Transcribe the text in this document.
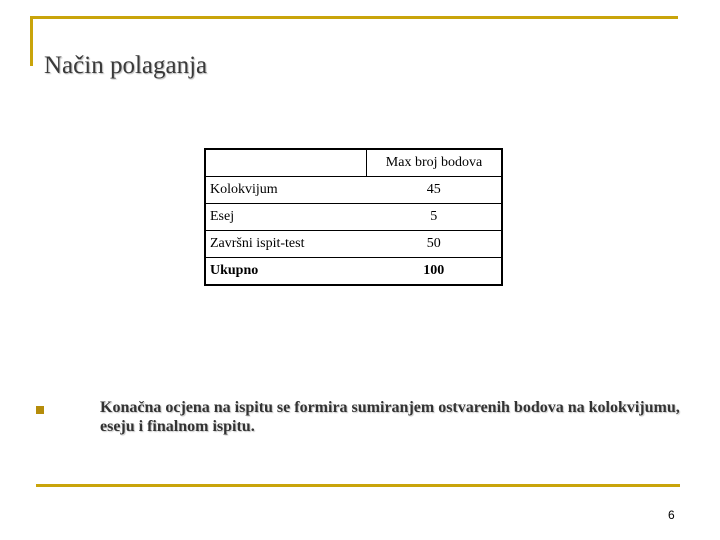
Način polaganja
	Max broj bodova
Kolokvijum	45
Esej	5
Završni ispit-test	50
Ukupno	100
Konačna ocjena na ispitu se formira sumiranjem ostvarenih bodova na kolokvijumu, eseju i finalnom ispitu.
6
